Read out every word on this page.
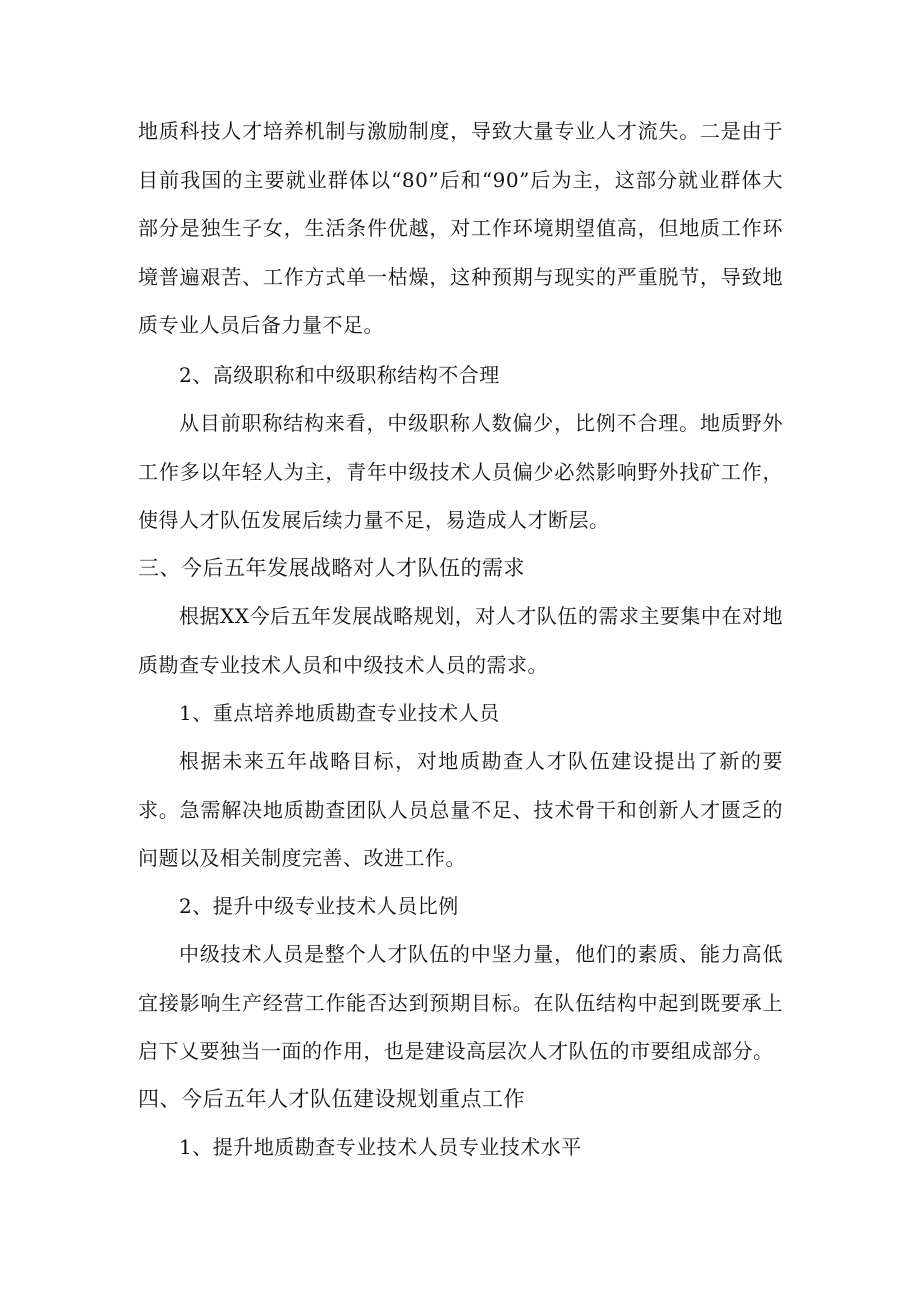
地质科技人才培养机制与激励制度，导致大量专业人才流失。二是由于目前我国的主要就业群体以“80”后和“90”后为主，这部分就业群体大部分是独生子女，生活条件优越，对工作环境期望值高，但地质工作环境普遍艰苦、工作方式单一枯燥，这种预期与现实的严重脱节，导致地质专业人员后备力量不足。

2、高级职称和中级职称结构不合理

从目前职称结构来看，中级职称人数偏少，比例不合理。地质野外工作多以年轻人为主，青年中级技术人员偏少必然影响野外找矿工作，使得人才队伍发展后续力量不足，易造成人才断层。

三、今后五年发展战略对人才队伍的需求

根据XX今后五年发展战略规划，对人才队伍的需求主要集中在对地质勘查专业技术人员和中级技术人员的需求。

1、重点培养地质勘查专业技术人员

根据未来五年战略目标，对地质勘查人才队伍建设提出了新的要求。急需解决地质勘查团队人员总量不足、技术骨干和创新人才匮乏的问题以及相关制度完善、改进工作。

2、提升中级专业技术人员比例

中级技术人员是整个人才队伍的中坚力量，他们的素质、能力高低宜接影响生产经营工作能否达到预期目标。在队伍结构中起到既要承上启下乂要独当一面的作用，也是建设高层次人才队伍的市要组成部分。

四、今后五年人才队伍建设规划重点工作

1、提升地质勘查专业技术人员专业技术水平
